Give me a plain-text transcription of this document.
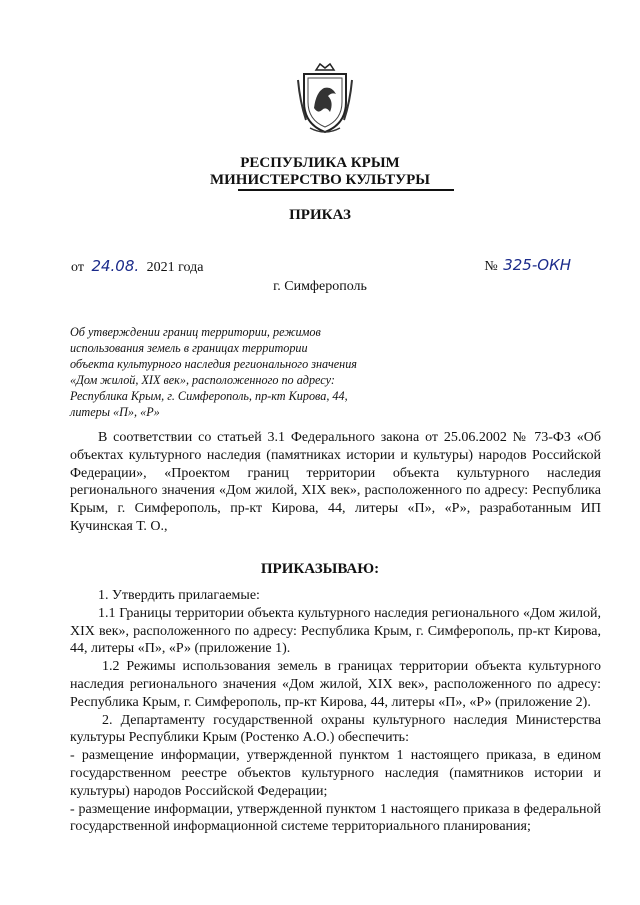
РЕСПУБЛИКА КРЫМ
МИНИСТЕРСТВО КУЛЬТУРЫ
ПРИКАЗ
от 24.08. 2021 года	№ 325-ОКН
г. Симферополь
Об утверждении границ территории, режимов
использования земель в границах территории
объекта культурного наследия регионального значения
«Дом жилой, XIX век», расположенного по адресу:
Республика Крым, г. Симферополь, пр-кт Кирова, 44,
литеры «П», «Р»

В соответствии со статьей 3.1 Федерального закона от 25.06.2002 № 73-ФЗ «Об объектах культурного наследия (памятниках истории и культуры) народов Российской Федерации», «Проектом границ территории объекта культурного наследия регионального значения «Дом жилой, XIX век», расположенного по адресу: Республика Крым, г. Симферополь, пр-кт Кирова, 44, литеры «П», «Р», разработанным ИП Кучинская Т. О.,

ПРИКАЗЫВАЮ:

1. Утвердить прилагаемые:

1.1 Границы территории объекта культурного наследия регионального «Дом жилой, XIX век», расположенного по адресу: Республика Крым, г. Симферополь, пр-кт Кирова, 44, литеры «П», «Р» (приложение 1).

1.2 Режимы использования земель в границах территории объекта культурного наследия регионального значения «Дом жилой, XIX век», расположенного по адресу: Республика Крым, г. Симферополь, пр-кт Кирова, 44, литеры «П», «Р» (приложение 2).

2. Департаменту государственной охраны культурного наследия Министерства культуры Республики Крым (Ростенко А.О.) обеспечить:

- размещение информации, утвержденной пунктом 1 настоящего приказа, в едином государственном реестре объектов культурного наследия (памятников истории и культуры) народов Российской Федерации;

- размещение информации, утвержденной пунктом 1 настоящего приказа в федеральной государственной информационной системе территориального планирования;
